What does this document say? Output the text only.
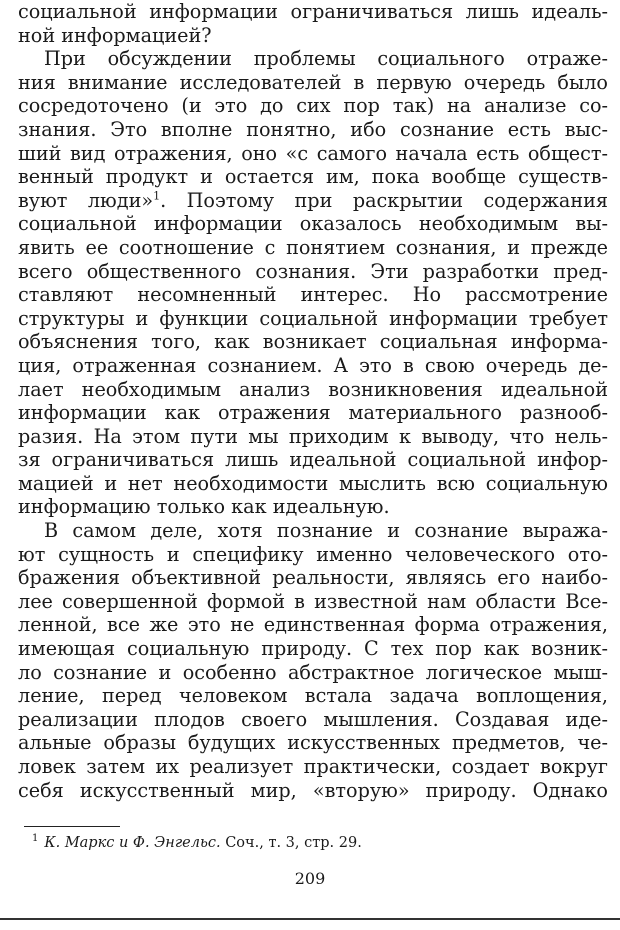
социальной информации ограничиваться лишь идеаль-
ной информацией?
При обсуждении проблемы социального отраже-
ния внимание исследователей в первую очередь было
сосредоточено (и это до сих пор так) на анализе со-
знания. Это вполне понятно, ибо сознание есть выс-
ший вид отражения, оно «с самого начала есть общест-
венный продукт и остается им, пока вообще существ-
вуют люди»$^1$. Поэтому при раскрытии содержания
социальной информации оказалось необходимым вы-
явить ее соотношение с понятием сознания, и прежде
всего общественного сознания. Эти разработки пред-
ставляют несомненный интерес. Но рассмотрение
структуры и функции социальной информации требует
объяснения того, как возникает социальная информа-
ция, отраженная сознанием. А это в свою очередь де-
лает необходимым анализ возникновения идеальной
информации как отражения материального разнооб-
разия. На этом пути мы приходим к выводу, что нель-
зя ограничиваться лишь идеальной социальной инфор-
мацией и нет необходимости мыслить всю социальную
информацию только как идеальную.
В самом деле, хотя познание и сознание выража-
ют сущность и специфику именно человеческого ото-
бражения объективной реальности, являясь его наибо-
лее совершенной формой в известной нам области Все-
ленной, все же это не единственная форма отражения,
имеющая социальную природу. С тех пор как возник-
ло сознание и особенно абстрактное логическое мыш-
ление, перед человеком встала задача воплощения,
реализации плодов своего мышления. Создавая иде-
альные образы будущих искусственных предметов, че-
ловек затем их реализует практически, создает вокруг
себя искусственный мир, «вторую» природу. Однако
$^1$ К. Маркс и Ф. Энгельс. Соч., т. 3, стр. 29.
209
